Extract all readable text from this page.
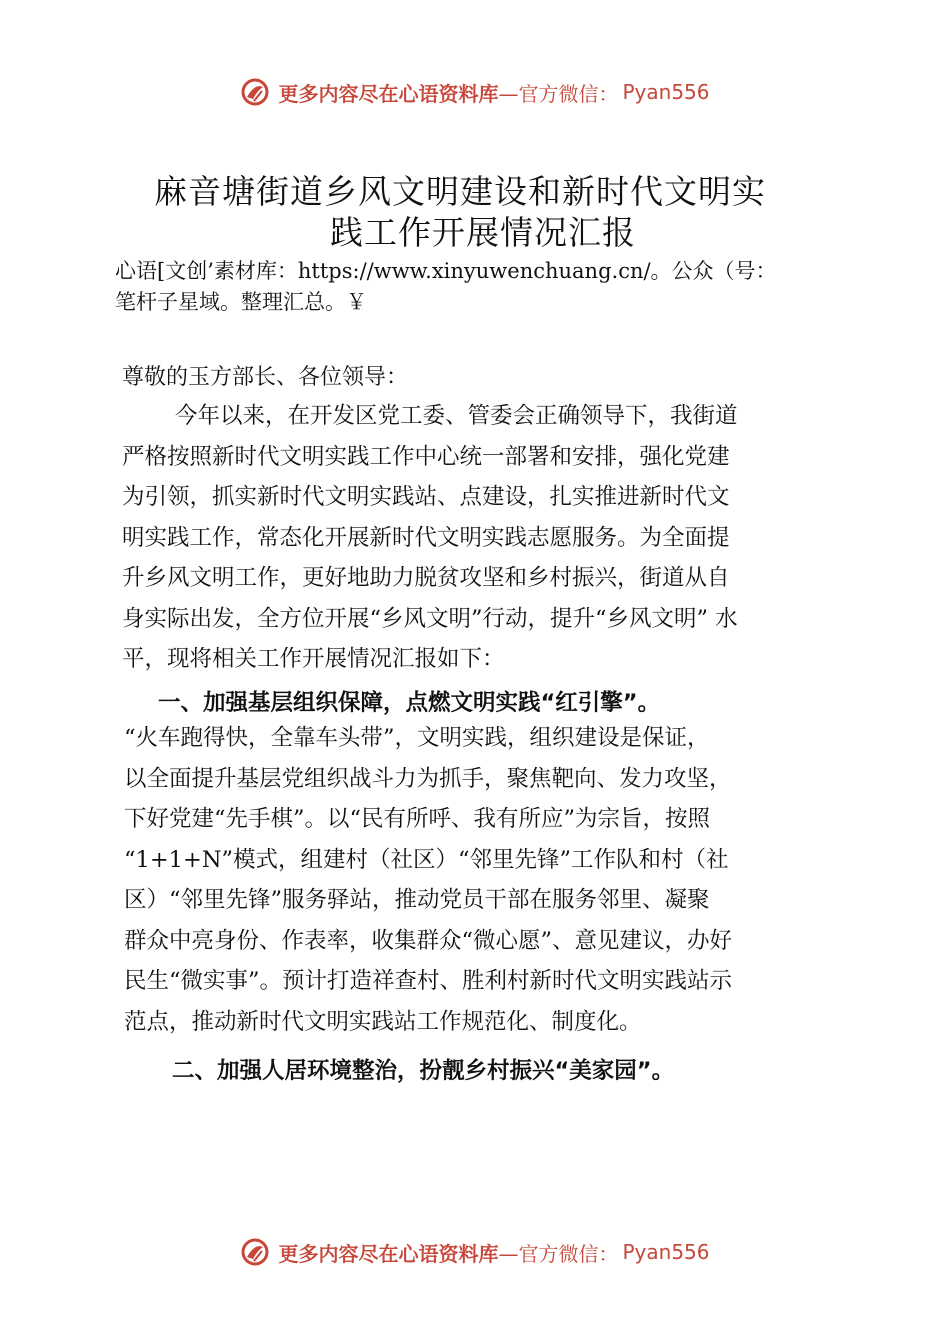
更多内容尽在心语资料库 —官方微信： Pyan556
麻音塘街道乡风文明建设和新时代文明实
践工作开展情况汇报
心语[文创’素材库：https://www.xinyuwenchuang.cn/。公众（号：
笔杆子星域。整理汇总。￥
尊敬的玉方部长、各位领导：

今年以来，在开发区党工委、管委会正确领导下，我街道

严格按照新时代文明实践工作中心统一部署和安排，强化党建

为引领，抓实新时代文明实践站、点建设，扎实推进新时代文

明实践工作，常态化开展新时代文明实践志愿服务。为全面提

升乡风文明工作，更好地助力脱贫攻坚和乡村振兴，街道从自

身实际出发，全方位开展“乡风文明”行动，提升“乡风文明” 水

平，现将相关工作开展情况汇报如下：

一、加强基层组织保障，点燃文明实践“红引擎”。

“火车跑得快，全靠车头带”，文明实践，组织建设是保证，

以全面提升基层党组织战斗力为抓手，聚焦靶向、发力攻坚，

下好党建“先手棋”。以“民有所呼、我有所应”为宗旨，按照

“1+1+N”模式，组建村（社区）“邻里先锋”工作队和村（社

区）“邻里先锋”服务驿站，推动党员干部在服务邻里、凝聚

群众中亮身份、作表率，收集群众“微心愿”、意见建议，办好

民生“微实事”。预计打造祥查村、胜利村新时代文明实践站示

范点，推动新时代文明实践站工作规范化、制度化。

二、加强人居环境整治，扮靓乡村振兴“美家园”。
更多内容尽在心语资料库 —官方微信： Pyan556
